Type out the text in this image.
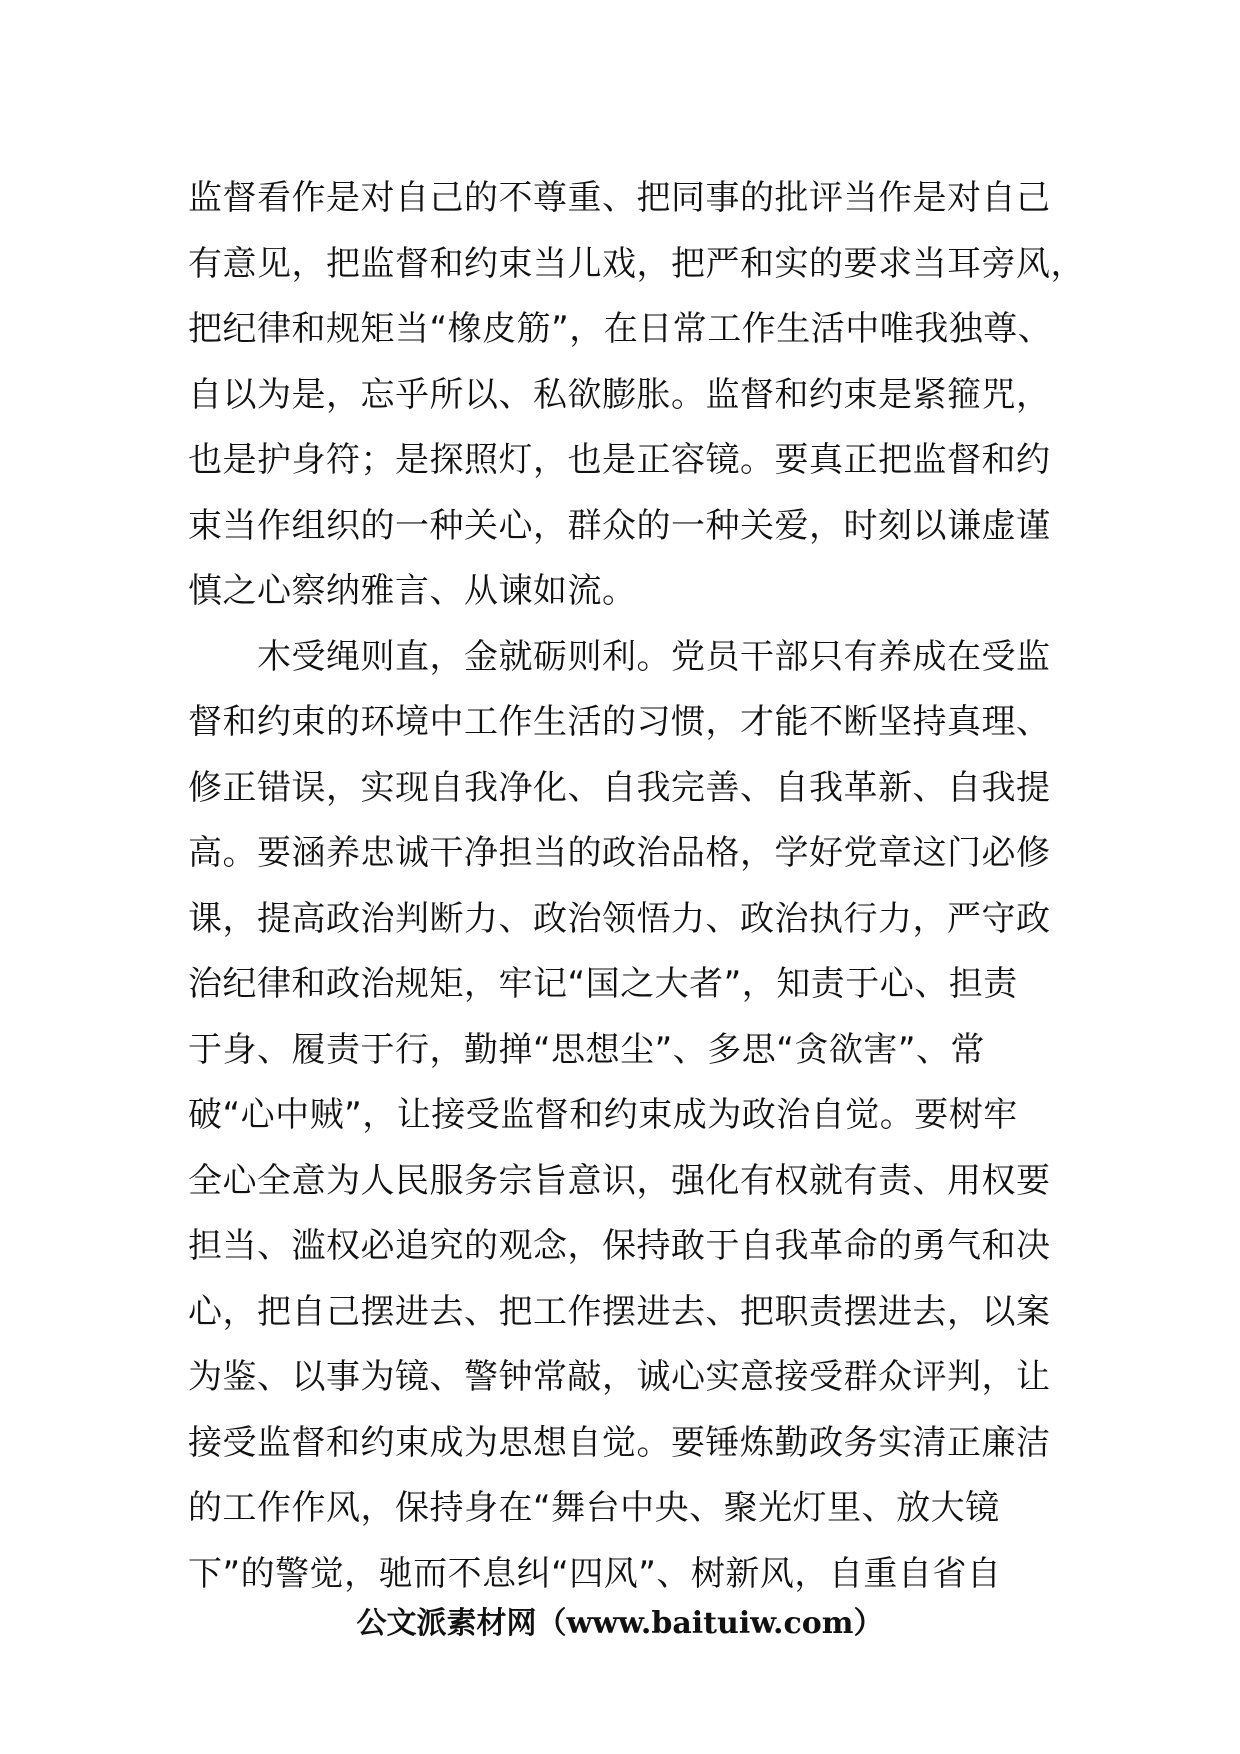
监督看作是对自己的不尊重、把同事的批评当作是对自己
有意见，把监督和约束当儿戏，把严和实的要求当耳旁风，
把纪律和规矩当“橡皮筋”，在日常工作生活中唯我独尊、
自以为是，忘乎所以、私欲膨胀。监督和约束是紧箍咒，
也是护身符；是探照灯，也是正容镜。要真正把监督和约
束当作组织的一种关心，群众的一种关爱，时刻以谦虚谨
慎之心察纳雅言、从谏如流。
　　木受绳则直，金就砺则利。党员干部只有养成在受监
督和约束的环境中工作生活的习惯，才能不断坚持真理、
修正错误，实现自我净化、自我完善、自我革新、自我提
高。要涵养忠诚干净担当的政治品格，学好党章这门必修
课，提高政治判断力、政治领悟力、政治执行力，严守政
治纪律和政治规矩，牢记“国之大者”，知责于心、担责
于身、履责于行，勤掸“思想尘”、多思“贪欲害”、常
破“心中贼”，让接受监督和约束成为政治自觉。要树牢
全心全意为人民服务宗旨意识，强化有权就有责、用权要
担当、滥权必追究的观念，保持敢于自我革命的勇气和决
心，把自己摆进去、把工作摆进去、把职责摆进去，以案
为鉴、以事为镜、警钟常敲，诚心实意接受群众评判，让
接受监督和约束成为思想自觉。要锤炼勤政务实清正廉洁
的工作作风，保持身在“舞台中央、聚光灯里、放大镜
下”的警觉，驰而不息纠“四风”、树新风，自重自省自
公文派素材网（www.baituiw.com）
